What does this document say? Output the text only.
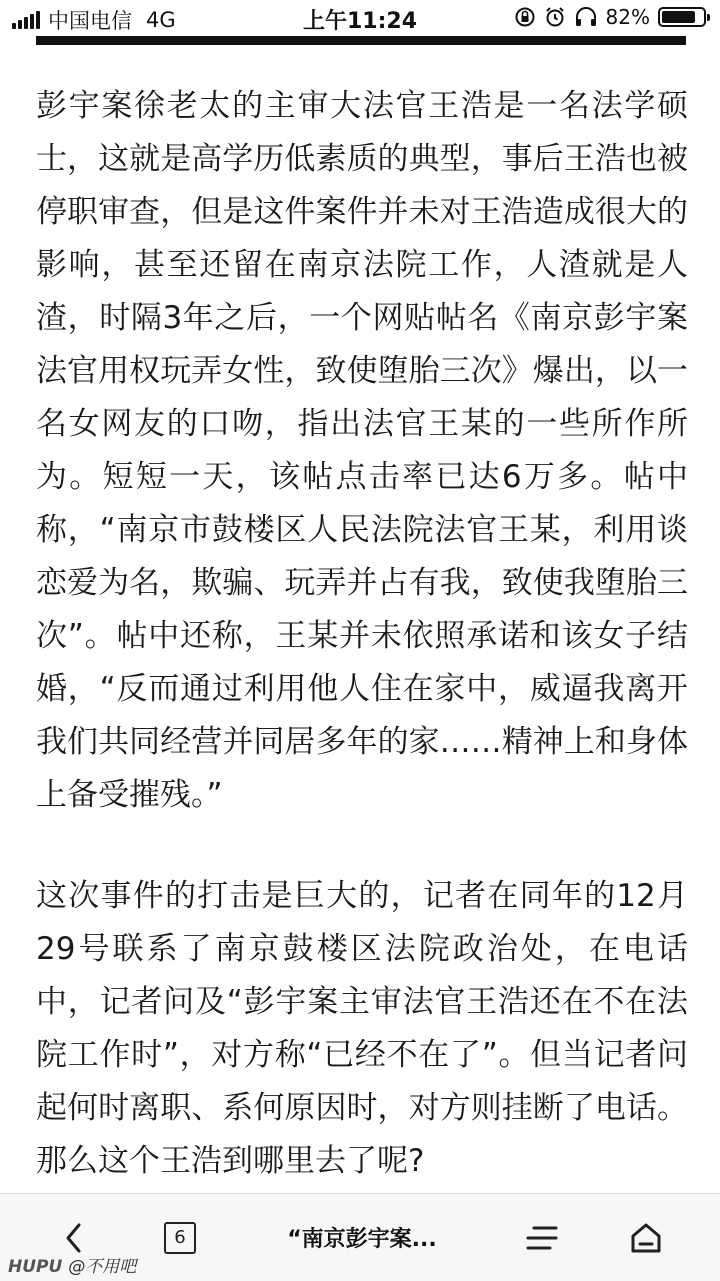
中国电信 4G	上午11:24	82%

彭宇案徐老太的主审大法官王浩是一名法学硕士，这就是高学历低素质的典型，事后王浩也被停职审查，但是这件案件并未对王浩造成很大的影响，甚至还留在南京法院工作，人渣就是人渣，时隔3年之后，一个网贴帖名《南京彭宇案法官用权玩弄女性，致使堕胎三次》爆出，以一名女网友的口吻，指出法官王某的一些所作所为。短短一天，该帖点击率已达6万多。帖中称，“南京市鼓楼区人民法院法官王某，利用谈恋爱为名，欺骗、玩弄并占有我，致使我堕胎三次”。帖中还称，王某并未依照承诺和该女子结婚，“反而通过利用他人住在家中，威逼我离开我们共同经营并同居多年的家……精神上和身体上备受摧残。”

这次事件的打击是巨大的，记者在同年的12月29号联系了南京鼓楼区法院政治处，在电话中，记者问及“彭宇案主审法官王浩还在不在法院工作时”，对方称“已经不在了”。但当记者问起何时离职、系何原因时，对方则挂断了电话。那么这个王浩到哪里去了呢?

6	“南京彭宇案...
HUPU @不用吧
